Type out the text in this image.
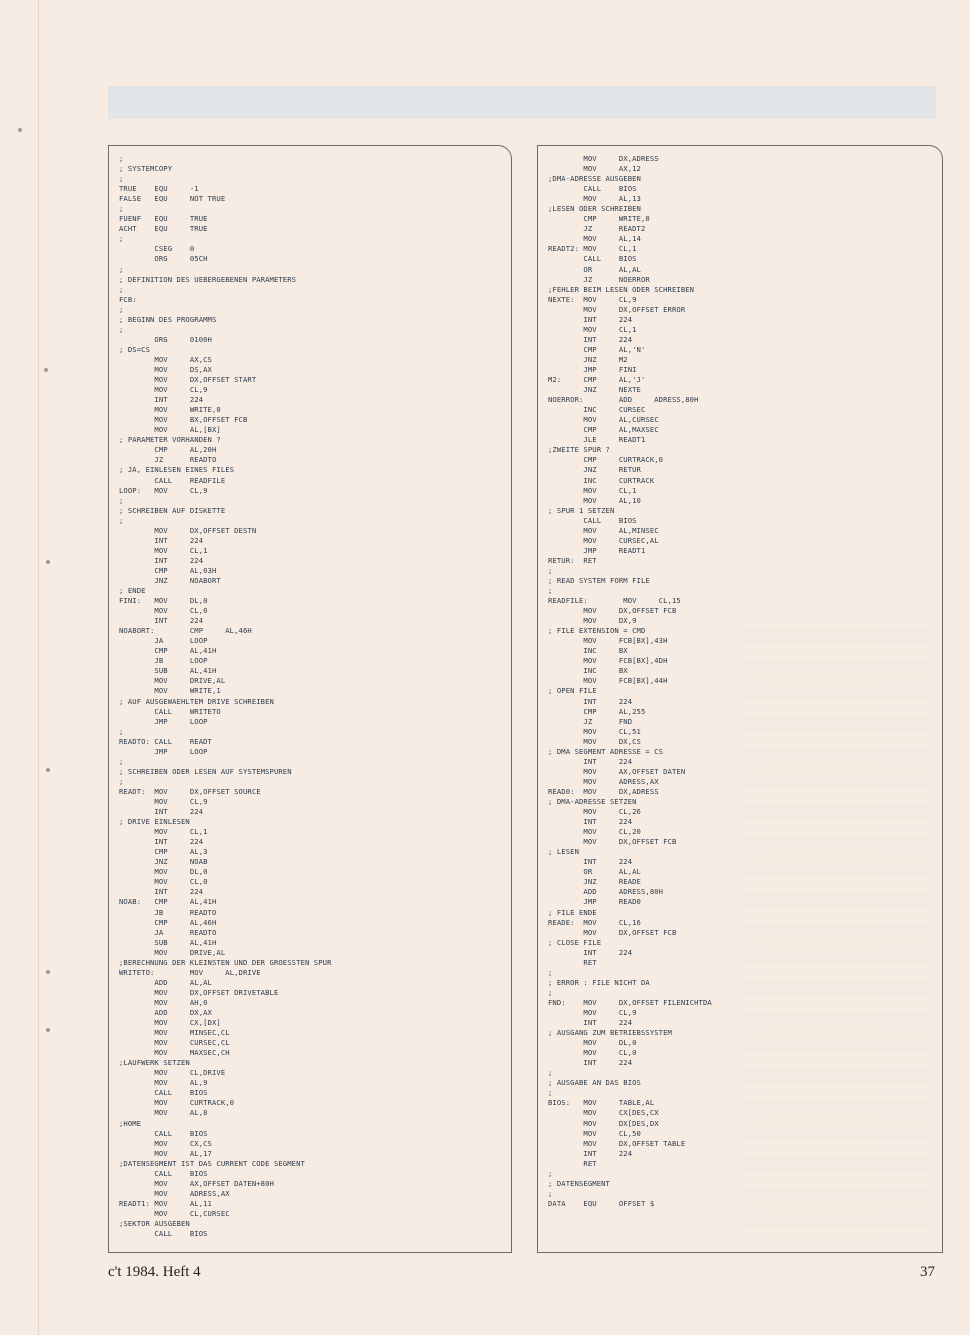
;
; SYSTEMCOPY
;
TRUE    EQU     -1
FALSE   EQU     NOT TRUE
;
FUENF   EQU     TRUE
ACHT    EQU     TRUE
;
CSEG    0
ORG     05CH
;
; DEFINITION DES UEBERGEBENEN PARAMETERS
;
FCB:
;
; BEGINN DES PROGRAMMS
;
ORG     0100H
; DS=CS
MOV     AX,CS
MOV     DS,AX
MOV     DX,OFFSET START
MOV     CL,9
INT     224
MOV     WRITE,0
MOV     BX,OFFSET FCB
MOV     AL,[BX]
; PARAMETER VORHANDEN ?
CMP     AL,20H
JZ      READTO
; JA, EINLESEN EINES FILES
CALL    READFILE
LOOP:   MOV     CL,9
;
; SCHREIBEN AUF DISKETTE
;
MOV     DX,OFFSET DESTN
INT     224
MOV     CL,1
INT     224
CMP     AL,03H
JNZ     NOABORT
; ENDE
FINI:   MOV     DL,0
MOV     CL,0
INT     224
NOABORT:        CMP     AL,46H
JA      LOOP
CMP     AL,41H
JB      LOOP
SUB     AL,41H
MOV     DRIVE,AL
MOV     WRITE,1
; AUF AUSGEWAEHLTEM DRIVE SCHREIBEN
CALL    WRITETO
JMP     LOOP
;
READTO: CALL    READT
JMP     LOOP
;
; SCHREIBEN ODER LESEN AUF SYSTEMSPUREN
;
READT:  MOV     DX,OFFSET SOURCE
MOV     CL,9
INT     224
; DRIVE EINLESEN
MOV     CL,1
INT     224
CMP     AL,3
JNZ     NOAB
MOV     DL,0
MOV     CL,0
INT     224
NOAB:   CMP     AL,41H
JB      READTO
CMP     AL,46H
JA      READTO
SUB     AL,41H
MOV     DRIVE,AL
;BERECHNUNG DER KLEINSTEN UND DER GROESSTEN SPUR
WRITETO:        MOV     AL,DRIVE
ADD     AL,AL
MOV     DX,OFFSET DRIVETABLE
MOV     AH,0
ADD     DX,AX
MOV     CX,[DX]
MOV     MINSEC,CL
MOV     CURSEC,CL
MOV     MAXSEC,CH
;LAUFWERK SETZEN
MOV     CL,DRIVE
MOV     AL,9
CALL    BIOS
MOV     CURTRACK,0
MOV     AL,8
;HOME
CALL    BIOS
MOV     CX,CS
MOV     AL,17
;DATENSEGMENT IST DAS CURRENT CODE SEGMENT
CALL    BIOS
MOV     AX,OFFSET DATEN+80H
MOV     ADRESS,AX
READT1: MOV     AL,11
MOV     CL,CURSEC
;SEKTOR AUSGEBEN
CALL    BIOS
MOV     DX,ADRESS
MOV     AX,12
;DMA-ADRESSE AUSGEBEN
CALL    BIOS
MOV     AL,13
;LESEN ODER SCHREIBEN
CMP     WRITE,0
JZ      READT2
MOV     AL,14
READT2: MOV     CL,1
CALL    BIOS
OR      AL,AL
JZ      NOERROR
;FEHLER BEIM LESEN ODER SCHREIBEN
NEXTE:  MOV     CL,9
MOV     DX,OFFSET ERROR
INT     224
MOV     CL,1
INT     224
CMP     AL,'N'
JNZ     M2
JMP     FINI
M2:     CMP     AL,'J'
JNZ     NEXTE
NOERROR:        ADD     ADRESS,80H
INC     CURSEC
MOV     AL,CURSEC
CMP     AL,MAXSEC
JLE     READT1
;ZWEITE SPUR ?
CMP     CURTRACK,0
JNZ     RETUR
INC     CURTRACK
MOV     CL,1
MOV     AL,10
; SPUR 1 SETZEN
CALL    BIOS
MOV     AL,MINSEC
MOV     CURSEC,AL
JMP     READT1
RETUR:  RET
;
; READ SYSTEM FORM FILE
;
READFILE:        MOV     CL,15
MOV     DX,OFFSET FCB
MOV     DX,9
; FILE EXTENSION = CMD
MOV     FCB[BX],43H
INC     BX
MOV     FCB[BX],4DH
INC     BX
MOV     FCB[BX],44H
; OPEN FILE
INT     224
CMP     AL,255
JZ      FND
MOV     CL,51
MOV     DX,CS
; DMA SEGMENT ADRESSE = CS
INT     224
MOV     AX,OFFSET DATEN
MOV     ADRESS,AX
READ0:  MOV     DX,ADRESS
; DMA-ADRESSE SETZEN
MOV     CL,26
INT     224
MOV     CL,20
MOV     DX,OFFSET FCB
; LESEN
INT     224
OR      AL,AL
JNZ     READE
ADD     ADRESS,80H
JMP     READ0
; FILE ENDE
READE:  MOV     CL,16
MOV     DX,OFFSET FCB
; CLOSE FILE
INT     224
RET
;
; ERROR : FILE NICHT DA
;
FND:    MOV     DX,OFFSET FILENICHTDA
MOV     CL,9
INT     224
; AUSGANG ZUM BETRIEBSSYSTEM
MOV     DL,0
MOV     CL,0
INT     224
;
; AUSGABE AN DAS BIOS
;
BIOS:   MOV     TABLE,AL
MOV     CX[DES,CX
MOV     DX[DES,DX
MOV     CL,50
MOV     DX,OFFSET TABLE
INT     224
RET
;
; DATENSEGMENT
;
DATA    EQU     OFFSET $
c't 1984. Heft 4	37
